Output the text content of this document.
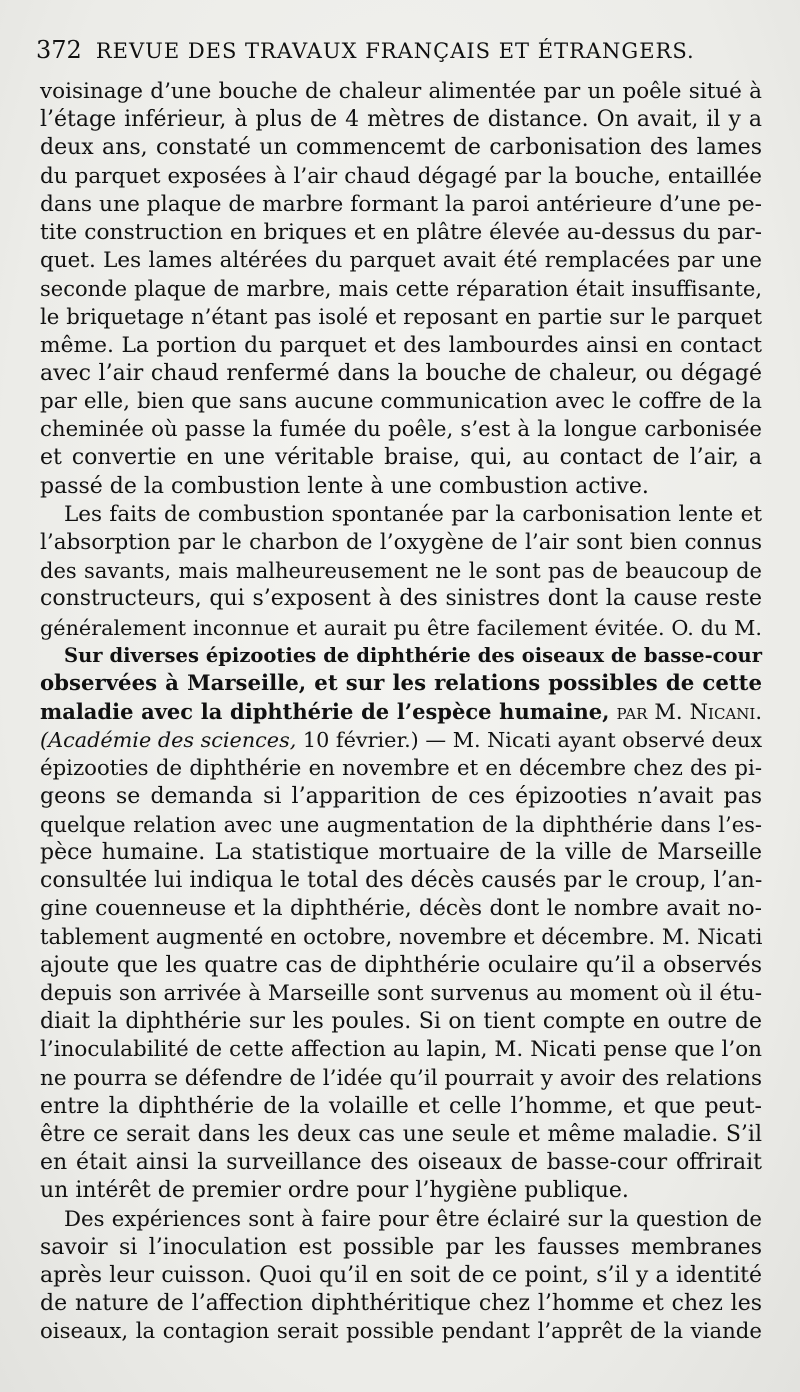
372 REVUE DES TRAVAUX FRANÇAIS ET ÉTRANGERS.
voisinage d’une bouche de chaleur alimentée par un poêle situé à
l’étage inférieur, à plus de 4 mètres de distance. On avait, il y a
deux ans, constaté un commencemt de carbonisation des lames
du parquet exposées à l’air chaud dégagé par la bouche, entaillée
dans une plaque de marbre formant la paroi antérieure d’une pe-
tite construction en briques et en plâtre élevée au-dessus du par-
quet. Les lames altérées du parquet avait été remplacées par une
seconde plaque de marbre, mais cette réparation était insuffisante,
le briquetage n’étant pas isolé et reposant en partie sur le parquet
même. La portion du parquet et des lambourdes ainsi en contact
avec l’air chaud renfermé dans la bouche de chaleur, ou dégagé
par elle, bien que sans aucune communication avec le coffre de la
cheminée où passe la fumée du poêle, s’est à la longue carbonisée
et convertie en une véritable braise, qui, au contact de l’air, a
passé de la combustion lente à une combustion active.
Les faits de combustion spontanée par la carbonisation lente et
l’absorption par le charbon de l’oxygène de l’air sont bien connus
des savants, mais malheureusement ne le sont pas de beaucoup de
constructeurs, qui s’exposent à des sinistres dont la cause reste
généralement inconnue et aurait pu être facilement évitée. O. du M.
Sur diverses épizooties de diphthérie des oiseaux de basse-cour
observées à Marseille, et sur les relations possibles de cette
maladie avec la diphthérie de l’espèce humaine, par M. Nicani.
(Académie des sciences, 10 février.) — M. Nicati ayant observé deux
épizooties de diphthérie en novembre et en décembre chez des pi-
geons se demanda si l’apparition de ces épizooties n’avait pas
quelque relation avec une augmentation de la diphthérie dans l’es-
pèce humaine. La statistique mortuaire de la ville de Marseille
consultée lui indiqua le total des décès causés par le croup, l’an-
gine couenneuse et la diphthérie, décès dont le nombre avait no-
tablement augmenté en octobre, novembre et décembre. M. Nicati
ajoute que les quatre cas de diphthérie oculaire qu’il a observés
depuis son arrivée à Marseille sont survenus au moment où il étu-
diait la diphthérie sur les poules. Si on tient compte en outre de
l’inoculabilité de cette affection au lapin, M. Nicati pense que l’on
ne pourra se défendre de l’idée qu’il pourrait y avoir des relations
entre la diphthérie de la volaille et celle l’homme, et que peut-
être ce serait dans les deux cas une seule et même maladie. S’il
en était ainsi la surveillance des oiseaux de basse-cour offrirait
un intérêt de premier ordre pour l’hygiène publique.
Des expériences sont à faire pour être éclairé sur la question de
savoir si l’inoculation est possible par les fausses membranes
après leur cuisson. Quoi qu’il en soit de ce point, s’il y a identité
de nature de l’affection diphthéritique chez l’homme et chez les
oiseaux, la contagion serait possible pendant l’apprêt de la viande
